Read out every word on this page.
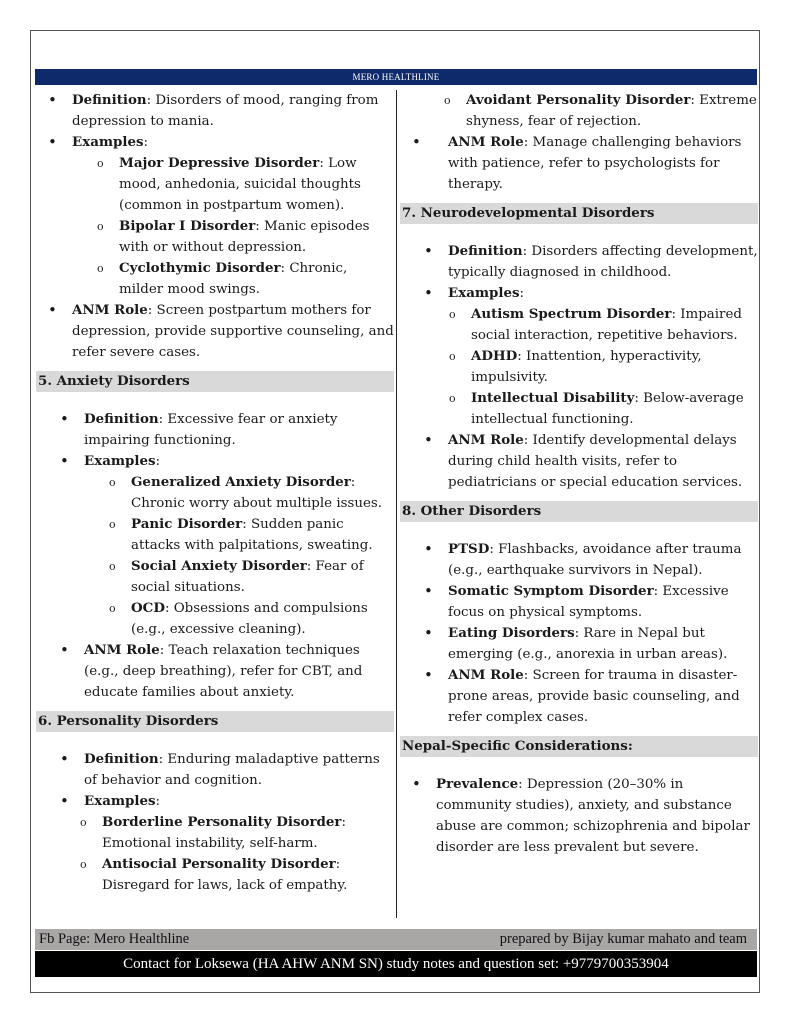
MERO HEALTHLINE
• Definition: Disorders of mood, ranging from depression to mania.
• Examples:
o Major Depressive Disorder: Low mood, anhedonia, suicidal thoughts (common in postpartum women).
o Bipolar I Disorder: Manic episodes with or without depression.
o Cyclothymic Disorder: Chronic, milder mood swings.
• ANM Role: Screen postpartum mothers for depression, provide supportive counseling, and refer severe cases.
5. Anxiety Disorders
• Definition: Excessive fear or anxiety impairing functioning.
• Examples:
o Generalized Anxiety Disorder: Chronic worry about multiple issues.
o Panic Disorder: Sudden panic attacks with palpitations, sweating.
o Social Anxiety Disorder: Fear of social situations.
o OCD: Obsessions and compulsions (e.g., excessive cleaning).
• ANM Role: Teach relaxation techniques (e.g., deep breathing), refer for CBT, and educate families about anxiety.
6. Personality Disorders
• Definition: Enduring maladaptive patterns of behavior and cognition.
• Examples:
o Borderline Personality Disorder: Emotional instability, self-harm.
o Antisocial Personality Disorder: Disregard for laws, lack of empathy.
o Avoidant Personality Disorder: Extreme shyness, fear of rejection.
• ANM Role: Manage challenging behaviors with patience, refer to psychologists for therapy.
7. Neurodevelopmental Disorders
• Definition: Disorders affecting development, typically diagnosed in childhood.
• Examples:
o Autism Spectrum Disorder: Impaired social interaction, repetitive behaviors.
o ADHD: Inattention, hyperactivity, impulsivity.
o Intellectual Disability: Below-average intellectual functioning.
• ANM Role: Identify developmental delays during child health visits, refer to pediatricians or special education services.
8. Other Disorders
• PTSD: Flashbacks, avoidance after trauma (e.g., earthquake survivors in Nepal).
• Somatic Symptom Disorder: Excessive focus on physical symptoms.
• Eating Disorders: Rare in Nepal but emerging (e.g., anorexia in urban areas).
• ANM Role: Screen for trauma in disaster-prone areas, provide basic counseling, and refer complex cases.
Nepal-Specific Considerations:
• Prevalence: Depression (20–30% in community studies), anxiety, and substance abuse are common; schizophrenia and bipolar disorder are less prevalent but severe.
Fb Page: Mero Healthline	prepared by Bijay kumar mahato and team
Contact for Loksewa (HA AHW ANM SN) study notes and question set: +9779700353904
